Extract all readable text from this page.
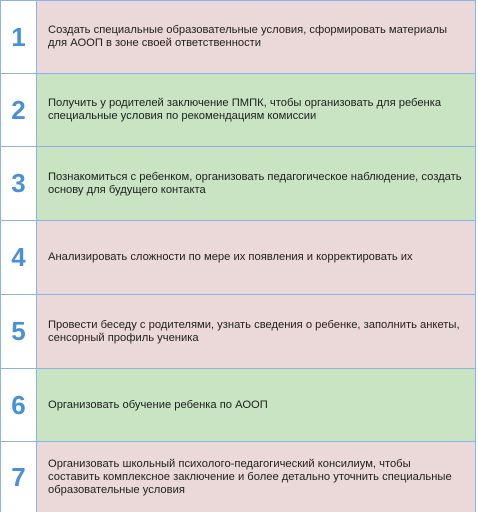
1	Создать специальные образовательные условия, сформировать материалы для АООП в зоне своей ответственности
2	Получить у родителей заключение ПМПК, чтобы организовать для ребенка специальные условия по рекомендациям комиссии
3	Познакомиться с ребенком, организовать педагогическое наблюдение, создать основу для будущего контакта
4	Анализировать сложности по мере их появления и корректировать их
5	Провести беседу с родителями, узнать сведения о ребенке, заполнить анкеты, сенсорный профиль ученика
6	Организовать обучение ребенка по АООП
7	Организовать школьный психолого-педагогический консилиум, чтобы составить комплексное заключение и более детально уточнить специальные образовательные условия
